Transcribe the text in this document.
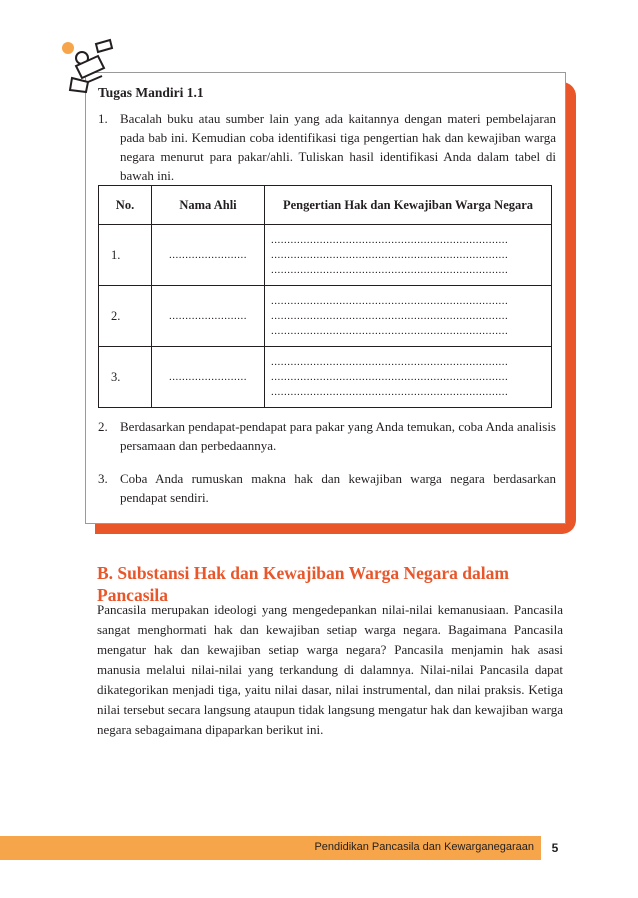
Tugas Mandiri 1.1
1. Bacalah buku atau sumber lain yang ada kaitannya dengan materi pembelajaran pada bab ini. Kemudian coba identifikasi tiga pengertian hak dan kewajiban warga negara menurut para pakar/ahli. Tuliskan hasil identifikasi Anda dalam tabel di bawah ini.
No.	Nama Ahli	Pengertian Hak dan Kewajiban Warga Negara
1.	........................	.........................................................................
.........................................................................
.........................................................................

2.	........................	.........................................................................
.........................................................................
.........................................................................

3.	........................	.........................................................................
.........................................................................
.........................................................................
2. Berdasarkan pendapat-pendapat para pakar yang Anda temukan, coba Anda analisis persamaan dan perbedaannya.
3. Coba Anda rumuskan makna hak dan kewajiban warga negara berdasarkan pendapat sendiri.
B. Substansi Hak dan Kewajiban Warga Negara dalam Pancasila
Pancasila merupakan ideologi yang mengedepankan nilai-nilai kemanusiaan. Pancasila sangat menghormati hak dan kewajiban setiap warga negara. Bagaimana Pancasila mengatur hak dan kewajiban setiap warga negara? Pancasila menjamin hak asasi manusia melalui nilai-nilai yang terkandung di dalamnya. Nilai-nilai Pancasila dapat dikategorikan menjadi tiga, yaitu nilai dasar, nilai instrumental, dan nilai praksis. Ketiga nilai tersebut secara langsung ataupun tidak langsung mengatur hak dan kewajiban warga negara sebagaimana dipaparkan berikut ini.
Pendidikan Pancasila dan Kewarganegaraan	5
